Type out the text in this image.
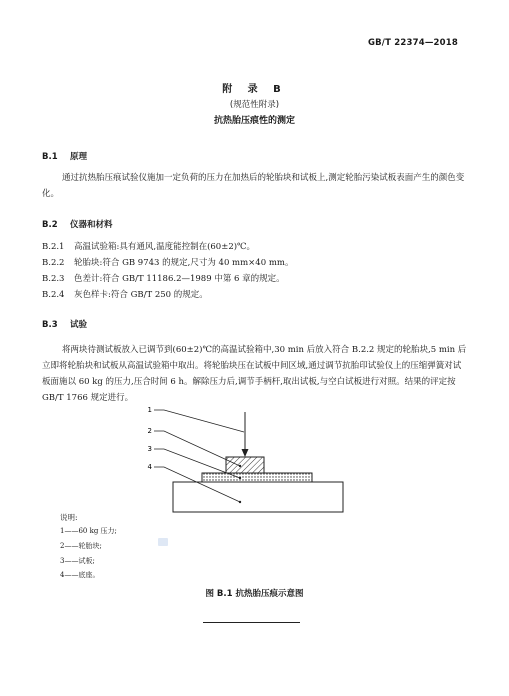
GB/T 22374—2018
附 录 B
(规范性附录)
抗热胎压痕性的测定
B.1 原理
通过抗热胎压痕试验仪施加一定负荷的压力在加热后的轮胎块和试板上,测定轮胎污染试板表面产生的颜色变化。
B.2 仪器和材料
B.2.1 高温试验箱:具有通风,温度能控制在(60±2)℃。
B.2.2 轮胎块:符合 GB 9743 的规定,尺寸为 40 mm×40 mm。
B.2.3 色差计:符合 GB/T 11186.2—1989 中第 6 章的规定。
B.2.4 灰色样卡:符合 GB/T 250 的规定。
B.3 试验
将两块待测试板放入已调节到(60±2)℃的高温试验箱中,30 min 后放入符合 B.2.2 规定的轮胎块,5 min 后立即将轮胎块和试板从高温试验箱中取出。将轮胎块压在试板中间区域,通过调节抗胎印试验仪上的压缩弹簧对试板面施以 60 kg 的压力,压合时间 6 h。解除压力后,调节手柄杆,取出试板,与空白试板进行对照。结果的评定按 GB/T 1766 规定进行。
1
2
3
4
说明:
1——60 kg 压力;
2——轮胎块;
3——试板;
4——底座。
图 B.1 抗热胎压痕示意图
